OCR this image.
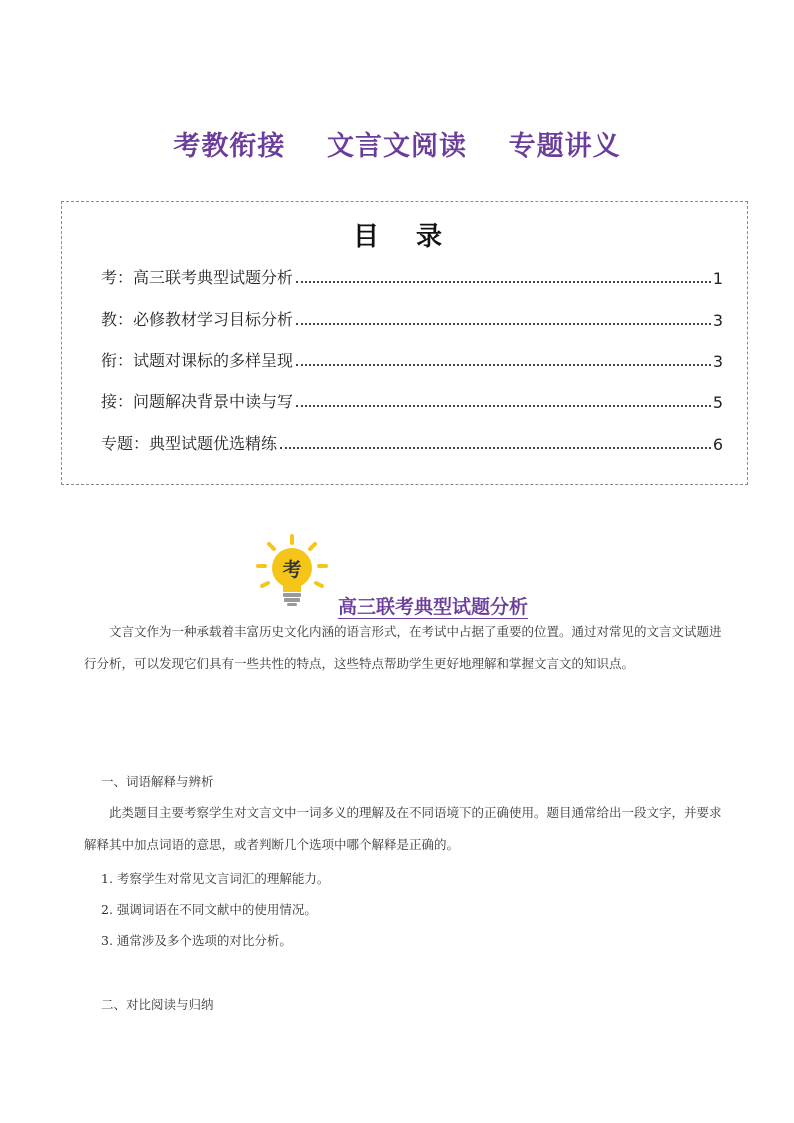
考教衔接    文言文阅读    专题讲义
目 录
考：高三联考典型试题分析	1
教：必修教材学习目标分析	3
衔：试题对课标的多样呈现	3
接：问题解决背景中读与写	5
专题：典型试题优选精练	6
考
高三联考典型试题分析

文言文作为一种承载着丰富历史文化内涵的语言形式，在考试中占据了重要的位置。通过对常见的文言文试题进行分析，可以发现它们具有一些共性的特点，这些特点帮助学生更好地理解和掌握文言文的知识点。

一、词语解释与辨析

此类题目主要考察学生对文言文中一词多义的理解及在不同语境下的正确使用。题目通常给出一段文字，并要求解释其中加点词语的意思，或者判断几个选项中哪个解释是正确的。

1. 考察学生对常见文言词汇的理解能力。
2. 强调词语在不同文献中的使用情况。
3. 通常涉及多个选项的对比分析。
二、对比阅读与归纳
